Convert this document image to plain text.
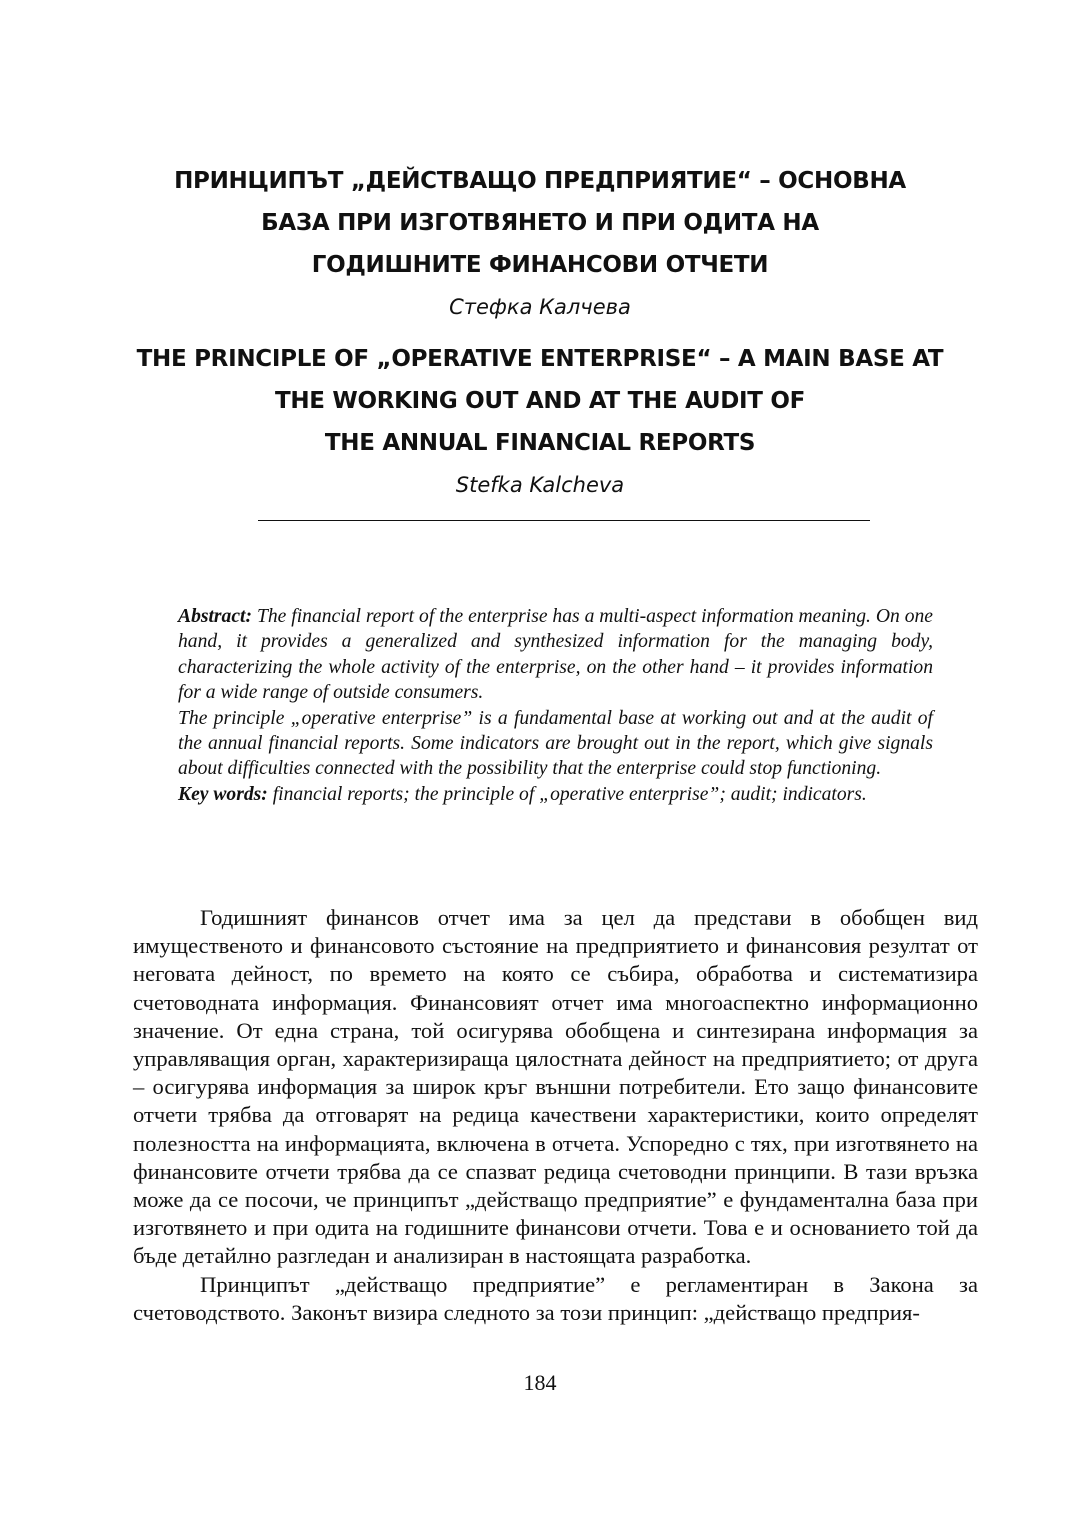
ПРИНЦИПЪТ „ДЕЙСТВАЩО ПРЕДПРИЯТИЕ“ – ОСНОВНА
БАЗА ПРИ ИЗГОТВЯНЕТО И ПРИ ОДИТА НА
ГОДИШНИТЕ ФИНАНСОВИ ОТЧЕТИ
Стефка Калчева
THE PRINCIPLE OF „OPERATIVE ENTERPRISE“ – A MAIN BASE AT
THE WORKING OUT AND AT THE AUDIT OF
THE ANNUAL FINANCIAL REPORTS
Stefka Kalcheva

Abstract: The financial report of the enterprise has a multi-aspect information meaning. On one hand, it provides a generalized and synthesized information for the managing body, characterizing the whole activity of the enterprise, on the other hand – it provides information for a wide range of outside consumers.

The principle „operative enterprise” is a fundamental base at working out and at the audit of the annual financial reports. Some indicators are brought out in the report, which give signals about difficulties connected with the possibility that the enterprise could stop functioning.

Key words: financial reports; the principle of „operative enterprise”; audit; indicators.

Годишният финансов отчет има за цел да представи в обобщен вид имущественото и финансовото състояние на предприятието и финансовия резултат от неговата дейност, по времето на която се събира, обработва и систематизира счетоводната информация. Финансовият отчет има многоаспектно информационно значение. От една страна, той осигурява обобщена и синтезирана информация за управляващия орган, характеризираща цялостната дейност на предприятието; от друга – осигурява информация за широк кръг външни потребители. Ето защо финансовите отчети трябва да отговарят на редица качествени характеристики, които определят полезността на информацията, включена в отчета. Успоредно с тях, при изготвянето на финансовите отчети трябва да се спазват редица счетоводни принципи. В тази връзка може да се посочи, че принципът „действащо предприятие” е фундаментална база при изготвянето и при одита на годишните финансови отчети. Това е и основанието той да бъде детайлно разгледан и анализиран в настоящата разработка.

Принципът „действащо предприятие” е регламентиран в Закона за счетоводството. Законът визира следното за този принцип: „действащо предприя-

184
